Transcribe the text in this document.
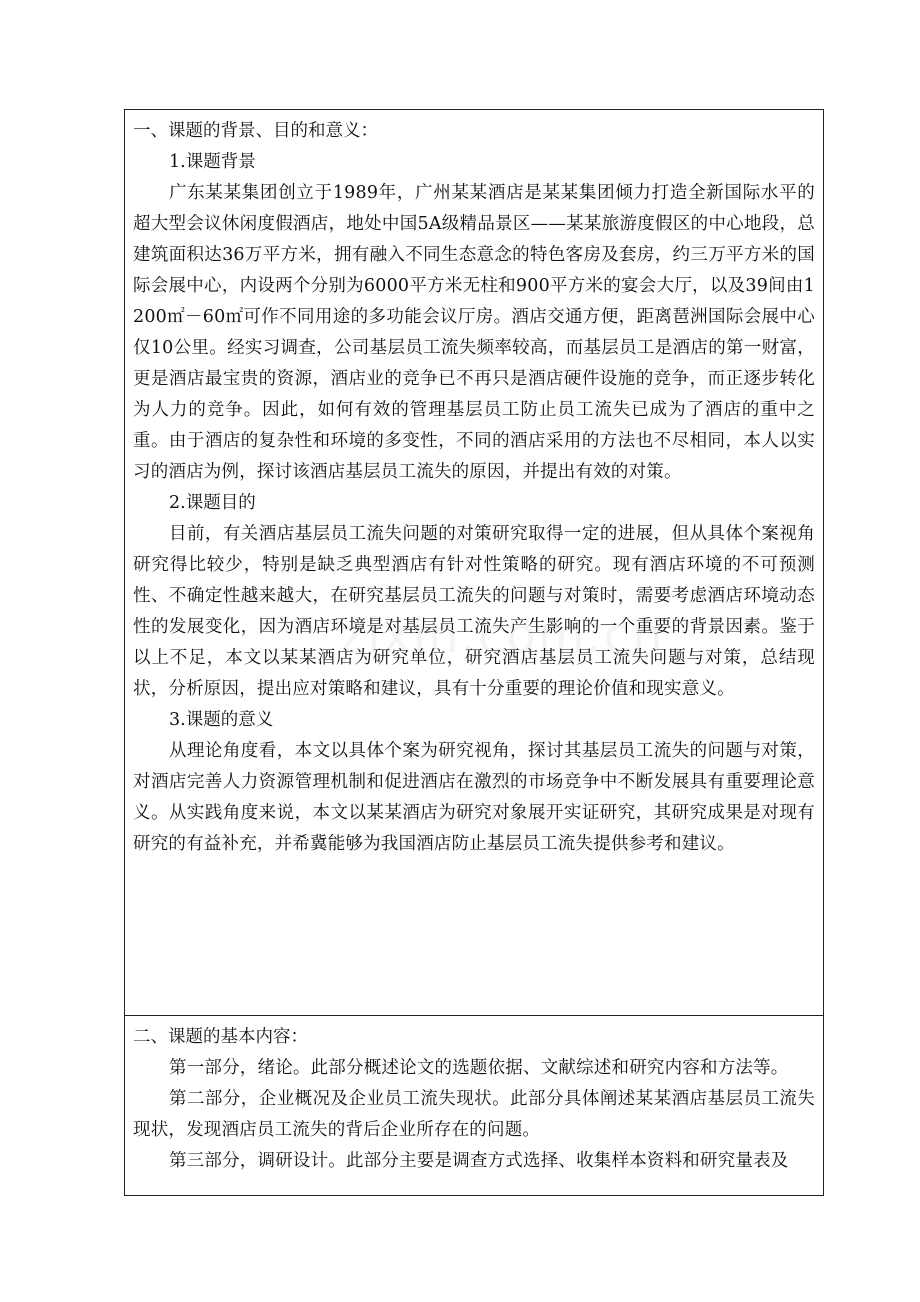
一、课题的背景、目的和意义：

1.课题背景

广东某某集团创立于1989年，广州某某酒店是某某集团倾力打造全新国际水平的超大型会议休闲度假酒店，地处中国5A级精品景区——某某旅游度假区的中心地段，总建筑面积达36万平方米，拥有融入不同生态意念的特色客房及套房，约三万平方米的国际会展中心，内设两个分别为6000平方米无柱和900平方米的宴会大厅，以及39间由1200㎡－60㎡可作不同用途的多功能会议厅房。酒店交通方便，距离琶洲国际会展中心仅10公里。经实习调查，公司基层员工流失频率较高，而基层员工是酒店的第一财富，更是酒店最宝贵的资源，酒店业的竞争已不再只是酒店硬件设施的竞争，而正逐步转化为人力的竞争。因此，如何有效的管理基层员工防止员工流失已成为了酒店的重中之重。由于酒店的复杂性和环境的多变性，不同的酒店采用的方法也不尽相同，本人以实习的酒店为例，探讨该酒店基层员工流失的原因，并提出有效的对策。

2.课题目的

目前，有关酒店基层员工流失问题的对策研究取得一定的进展，但从具体个案视角研究得比较少，特别是缺乏典型酒店有针对性策略的研究。现有酒店环境的不可预测性、不确定性越来越大，在研究基层员工流失的问题与对策时，需要考虑酒店环境动态性的发展变化，因为酒店环境是对基层员工流失产生影响的一个重要的背景因素。鉴于以上不足，本文以某某酒店为研究单位，研究酒店基层员工流失问题与对策，总结现状，分析原因，提出应对策略和建议，具有十分重要的理论价值和现实意义。

3.课题的意义

从理论角度看，本文以具体个案为研究视角，探讨其基层员工流失的问题与对策，对酒店完善人力资源管理机制和促进酒店在激烈的市场竞争中不断发展具有重要理论意义。从实践角度来说，本文以某某酒店为研究对象展开实证研究，其研究成果是对现有研究的有益补充，并希冀能够为我国酒店防止基层员工流失提供参考和建议。

二、课题的基本内容：

第一部分，绪论。此部分概述论文的选题依据、文献综述和研究内容和方法等。

第二部分，企业概况及企业员工流失现状。此部分具体阐述某某酒店基层员工流失现状，发现酒店员工流失的背后企业所存在的问题。

第三部分，调研设计。此部分主要是调查方式选择、收集样本资料和研究量表及
